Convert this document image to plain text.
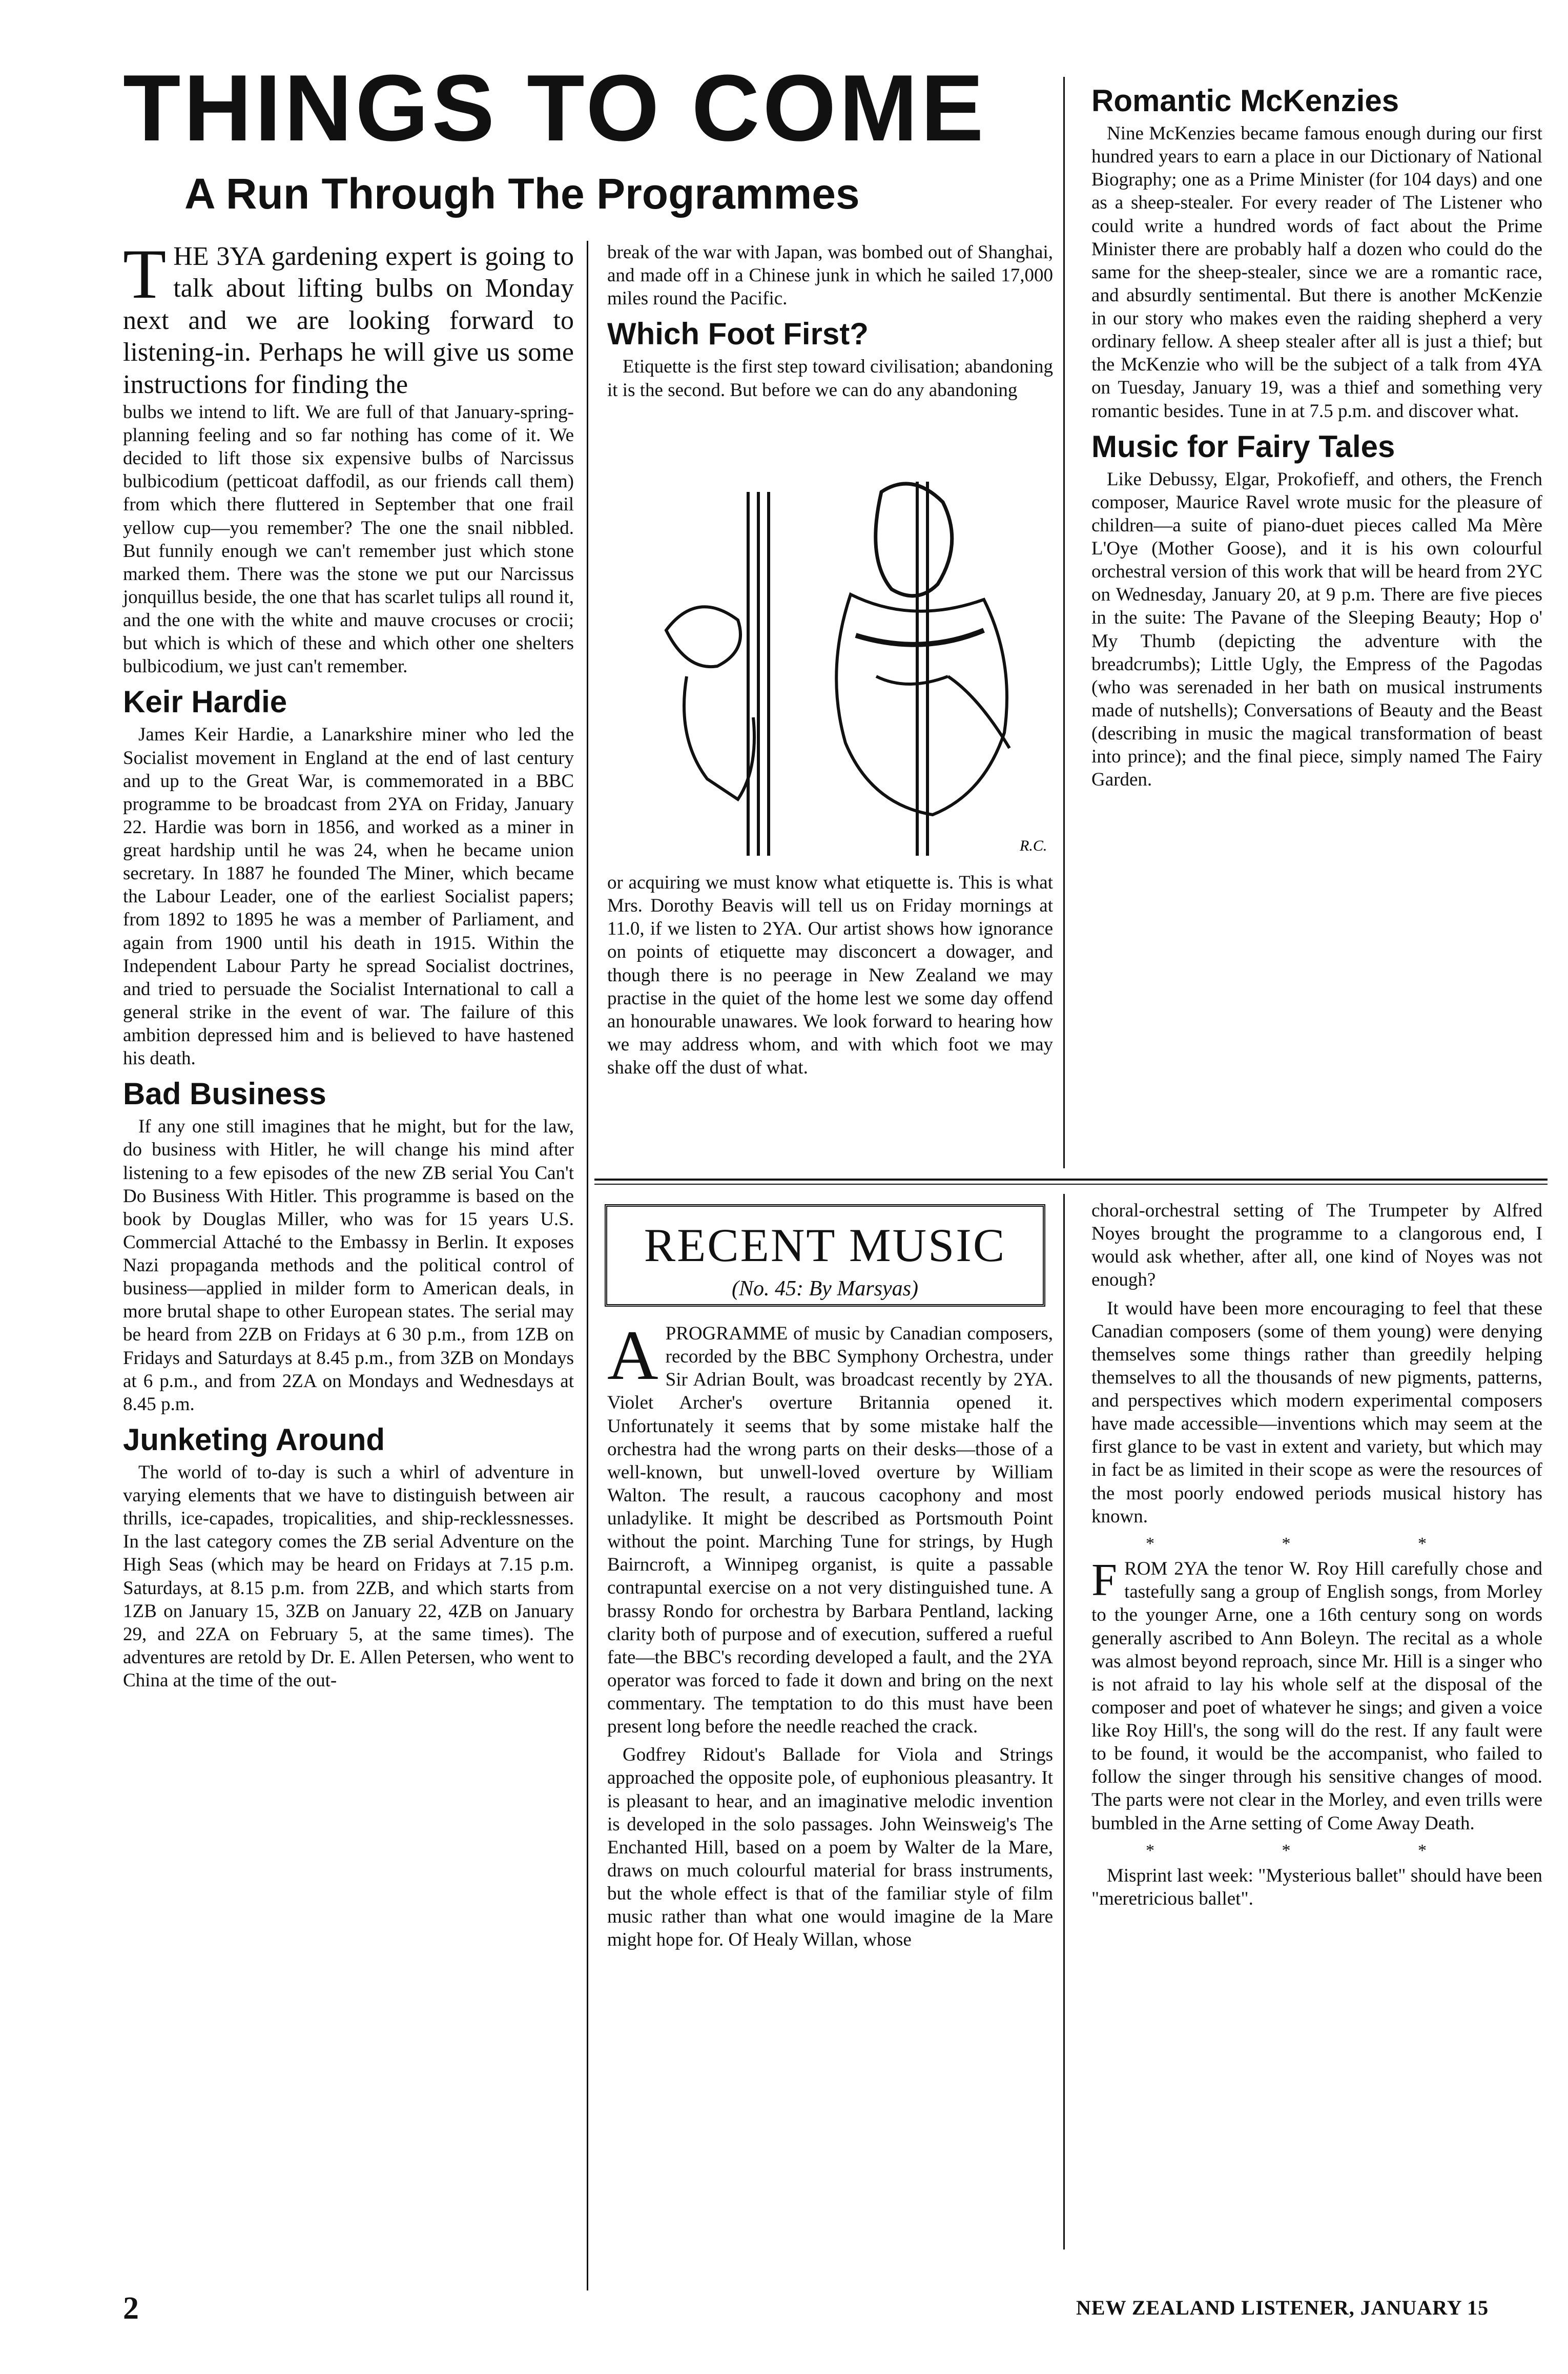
THINGS TO COME
A Run Through The Programmes
T HE 3YA gardening expert is going to talk about lifting bulbs on Monday next and we are looking forward to listening-in. Perhaps he will give us some instructions for finding the

bulbs we intend to lift. We are full of that January-spring-planning feeling and so far nothing has come of it. We decided to lift those six expensive bulbs of Narcissus bulbicodium (petticoat daffodil, as our friends call them) from which there fluttered in September that one frail yellow cup—you remember? The one the snail nibbled. But funnily enough we can't remember just which stone marked them. There was the stone we put our Narcissus jonquillus beside, the one that has scarlet tulips all round it, and the one with the white and mauve crocuses or crocii; but which is which of these and which other one shelters bulbicodium, we just can't remember.

Keir Hardie

James Keir Hardie, a Lanarkshire miner who led the Socialist movement in England at the end of last century and up to the Great War, is commemorated in a BBC programme to be broadcast from 2YA on Friday, January 22. Hardie was born in 1856, and worked as a miner in great hardship until he was 24, when he became union secretary. In 1887 he founded The Miner, which became the Labour Leader, one of the earliest Socialist papers; from 1892 to 1895 he was a member of Parliament, and again from 1900 until his death in 1915. Within the Independent Labour Party he spread Socialist doctrines, and tried to persuade the Socialist International to call a general strike in the event of war. The failure of this ambition depressed him and is believed to have hastened his death.

Bad Business

If any one still imagines that he might, but for the law, do business with Hitler, he will change his mind after listening to a few episodes of the new ZB serial You Can't Do Business With Hitler. This programme is based on the book by Douglas Miller, who was for 15 years U.S. Commercial Attaché to the Embassy in Berlin. It exposes Nazi propaganda methods and the political control of business—applied in milder form to American deals, in more brutal shape to other European states. The serial may be heard from 2ZB on Fridays at 6 30 p.m., from 1ZB on Fridays and Saturdays at 8.45 p.m., from 3ZB on Mondays at 6 p.m., and from 2ZA on Mondays and Wednesdays at 8.45 p.m.

Junketing Around

The world of to-day is such a whirl of adventure in varying elements that we have to distinguish between air thrills, ice-capades, tropicalities, and ship-recklessnesses. In the last category comes the ZB serial Adventure on the High Seas (which may be heard on Fridays at 7.15 p.m. Saturdays, at 8.15 p.m. from 2ZB, and which starts from 1ZB on January 15, 3ZB on January 22, 4ZB on January 29, and 2ZA on February 5, at the same times). The adventures are retold by Dr. E. Allen Petersen, who went to China at the time of the out-

break of the war with Japan, was bombed out of Shanghai, and made off in a Chinese junk in which he sailed 17,000 miles round the Pacific.

Which Foot First?

Etiquette is the first step toward civilisation; abandoning it is the second. But before we can do any abandoning

R.C.

or acquiring we must know what etiquette is. This is what Mrs. Dorothy Beavis will tell us on Friday mornings at 11.0, if we listen to 2YA. Our artist shows how ignorance on points of etiquette may disconcert a dowager, and though there is no peerage in New Zealand we may practise in the quiet of the home lest we some day offend an honourable unawares. We look forward to hearing how we may address whom, and with which foot we may shake off the dust of what.

Romantic McKenzies

Nine McKenzies became famous enough during our first hundred years to earn a place in our Dictionary of National Biography; one as a Prime Minister (for 104 days) and one as a sheep-stealer. For every reader of The Listener who could write a hundred words of fact about the Prime Minister there are probably half a dozen who could do the same for the sheep-stealer, since we are a romantic race, and absurdly sentimental. But there is another McKenzie in our story who makes even the raiding shepherd a very ordinary fellow. A sheep stealer after all is just a thief; but the McKenzie who will be the subject of a talk from 4YA on Tuesday, January 19, was a thief and something very romantic besides. Tune in at 7.5 p.m. and discover what.

Music for Fairy Tales

Like Debussy, Elgar, Prokofieff, and others, the French composer, Maurice Ravel wrote music for the pleasure of children—a suite of piano-duet pieces called Ma Mère L'Oye (Mother Goose), and it is his own colourful orchestral version of this work that will be heard from 2YC on Wednesday, January 20, at 9 p.m. There are five pieces in the suite: The Pavane of the Sleeping Beauty; Hop o' My Thumb (depicting the adventure with the breadcrumbs); Little Ugly, the Empress of the Pagodas (who was serenaded in her bath on musical instruments made of nutshells); Conversations of Beauty and the Beast (describing in music the magical transformation of beast into prince); and the final piece, simply named The Fairy Garden.

RECENT MUSIC
(No. 45: By Marsyas)

APROGRAMME of music by Canadian composers, recorded by the BBC Symphony Orchestra, under Sir Adrian Boult, was broadcast recently by 2YA. Violet Archer's overture Britannia opened it. Unfortunately it seems that by some mistake half the orchestra had the wrong parts on their desks—those of a well-known, but unwell-loved overture by William Walton. The result, a raucous cacophony and most unladylike. It might be described as Portsmouth Point without the point. Marching Tune for strings, by Hugh Bairncroft, a Winnipeg organist, is quite a passable contrapuntal exercise on a not very distinguished tune. A brassy Rondo for orchestra by Barbara Pentland, lacking clarity both of purpose and of execution, suffered a rueful fate—the BBC's recording developed a fault, and the 2YA operator was forced to fade it down and bring on the next commentary. The temptation to do this must have been present long before the needle reached the crack.

Godfrey Ridout's Ballade for Viola and Strings approached the opposite pole, of euphonious pleasantry. It is pleasant to hear, and an imaginative melodic invention is developed in the solo passages. John Weinsweig's The Enchanted Hill, based on a poem by Walter de la Mare, draws on much colourful material for brass instruments, but the whole effect is that of the familiar style of film music rather than what one would imagine de la Mare might hope for. Of Healy Willan, whose

choral-orchestral setting of The Trumpeter by Alfred Noyes brought the programme to a clangorous end, I would ask whether, after all, one kind of Noyes was not enough?

It would have been more encouraging to feel that these Canadian composers (some of them young) were denying themselves some things rather than greedily helping themselves to all the thousands of new pigments, patterns, and perspectives which modern experimental composers have made accessible—inventions which may seem at the first glance to be vast in extent and variety, but which may in fact be as limited in their scope as were the resources of the most poorly endowed periods musical history has known.

* * *

FROM 2YA the tenor W. Roy Hill carefully chose and tastefully sang a group of English songs, from Morley to the younger Arne, one a 16th century song on words generally ascribed to Ann Boleyn. The recital as a whole was almost beyond reproach, since Mr. Hill is a singer who is not afraid to lay his whole self at the disposal of the composer and poet of whatever he sings; and given a voice like Roy Hill's, the song will do the rest. If any fault were to be found, it would be the accompanist, who failed to follow the singer through his sensitive changes of mood. The parts were not clear in the Morley, and even trills were bumbled in the Arne setting of Come Away Death.

* * *

Misprint last week: "Mysterious ballet" should have been "meretricious ballet".

2	NEW ZEALAND LISTENER, JANUARY 15
